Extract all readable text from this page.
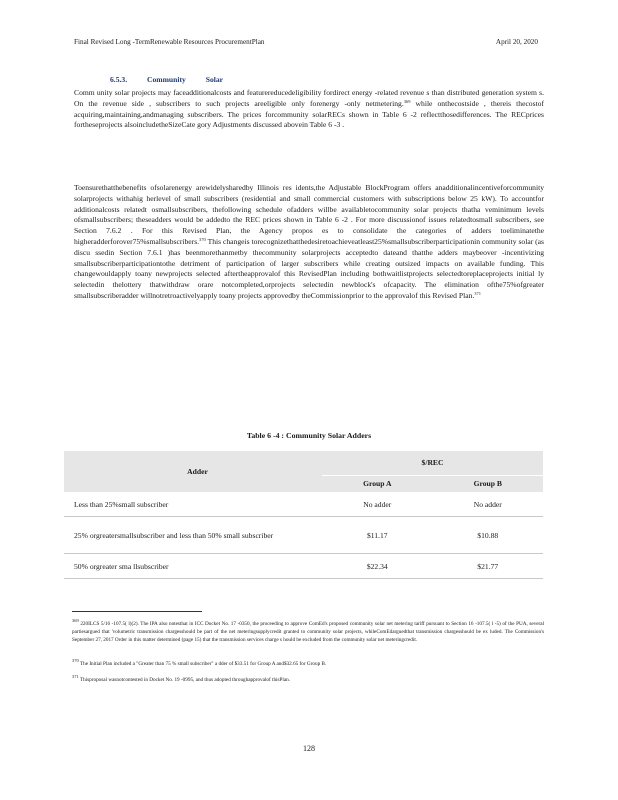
Final Revised Long -TermRenewable Resources ProcurementPlan	April 20, 2020
6.5.3.	Community	Solar

Comm unity solar projects may faceadditionalcosts and featurereducedeligibility fordirect energy -related revenue s than distributed generation system s. On the revenue side , subscribers to such projects areeligible only forenergy -only netmetering.$^{369}$ while onthecostside , thereis thecostof acquiring,maintaining,andmanaging subscribers. The prices forcommunity solarRECs shown in Table 6 -2 reflectthosedifferences. The RECprices fortheseprojects alsoincludetheSizeCate gory Adjustments discussed abovein Table 6 -3 .

Toensurethatthebenefits ofsolarenergy arewidelysharedby Illinois res idents,the Adjustable BlockProgram offers anadditionalincentiveforcommunity solarprojects withahig herlevel of small subscribers (residential and small commercial customers with subscriptions below 25 kW). To accountfor additionalcosts relatedt osmallsubscribers, thefollowing schedule ofadders willbe availabletocommunity solar projects thatha veminimum levels ofsmallsubscribers; theseadders would be addedto the REC prices shown in Table 6 -2 . For more discussionof issues relatedtosmall subscribers, see Section 7.6.2 . For this Revised Plan, the Agency propos es to consolidate the categories of adders toeliminatethe higheradderforover75%smallsubscribers.$^{370}$ This changeis torecognizethatthedesiretoachieveatleast25%smallsubscriberparticipationin community solar (as discu ssedin Section 7.6.1 )has beenmorethanmetby thecommunity solarprojects acceptedto dateand thatthe adders maybeover -incentivizing smallsubscriberparticipationtothe detriment of participation of larger subscribers while creating outsized impacts on available funding. This changewouldapply toany newprojects selected aftertheapprovalof this RevisedPlan including bothwaitlistprojects selectedtoreplaceprojects initial ly selectedin thelottery thatwithdraw orare notcompleted,orprojects selectedin newblock's ofcapacity. The elimination ofthe75%ofgreater smallsubscriberadder willnotretroactivelyapply toany projects approvedby theCommissionprior to the approvalof this Revised Plan.$^{371}$

Table 6 -4 : Community Solar Adders
Adder	$/REC	
	Group A	Group B
Less than 25%small subscriber	No adder	No adder
25% orgreatersmallsubscriber and less than 50% small subscriber	$11.17	$10.88
50% orgreater sma llsubscriber	$22.34	$21.77

$^{369}$ 220ILCS 5/16 -107.5( l)(2). The IPA also notesthat in ICC Docket No. 17 -0350, the proceeding to approve ComEd's proposed community solar net metering tariff pursuant to Section 16 -107.5( l -5) of the PUA, several partiesargued that 'volumetric transmission chargesshould be part of the net meteringsupplycredit granted to community solar projects, whileComEdarguedthat transmission chargesshould be ex luded. The Commission's September 27, 2017 Order in this matter determined (page 15) that the transmission services charge s hould be excluded from the community solar net meteringcredit.

$^{370}$ The Initial Plan included a "Greater than 75 % small subscriber" a dder of $33.51 for Group A and$32.65 for Group B.

$^{371}$ Thisproposal wasnotcontested in Docket No. 19 -0995, and thus adopted throughapprovalof thisPlan.

128
